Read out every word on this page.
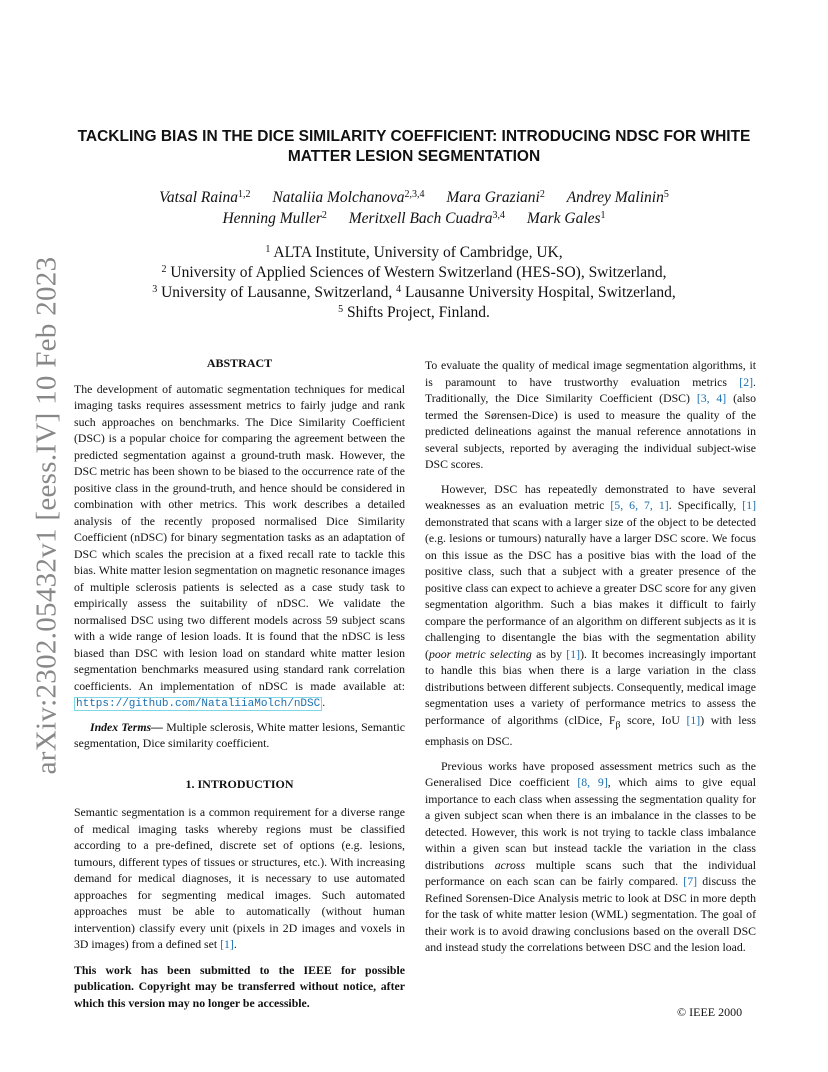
arXiv:2302.05432v1 [eess.IV] 10 Feb 2023
TACKLING BIAS IN THE DICE SIMILARITY COEFFICIENT: INTRODUCING NDSC FOR WHITE MATTER LESION SEGMENTATION
Vatsal Raina$^{1,2}$ Nataliia Molchanova$^{2,3,4}$ Mara Graziani$^2$ Andrey Malinin$^5$
Henning Muller$^2$ Meritxell Bach Cuadra$^{3,4}$ Mark Gales$^1$
$^1$ ALTA Institute, University of Cambridge, UK,
$^2$ University of Applied Sciences of Western Switzerland (HES-SO), Switzerland,
$^3$ University of Lausanne, Switzerland, $^4$ Lausanne University Hospital, Switzerland,
$^5$ Shifts Project, Finland.
ABSTRACT

The development of automatic segmentation techniques for medical imaging tasks requires assessment metrics to fairly judge and rank such approaches on benchmarks. The Dice Similarity Coefficient (DSC) is a popular choice for comparing the agreement between the predicted segmentation against a ground-truth mask. However, the DSC metric has been shown to be biased to the occurrence rate of the positive class in the ground-truth, and hence should be considered in combination with other metrics. This work describes a detailed analysis of the recently proposed normalised Dice Similarity Coefficient (nDSC) for binary segmentation tasks as an adaptation of DSC which scales the precision at a fixed recall rate to tackle this bias. White matter lesion segmentation on magnetic resonance images of multiple sclerosis patients is selected as a case study task to empirically assess the suitability of nDSC. We validate the normalised DSC using two different models across 59 subject scans with a wide range of lesion loads. It is found that the nDSC is less biased than DSC with lesion load on standard white matter lesion segmentation benchmarks measured using standard rank correlation coefficients. An implementation of nDSC is made available at: https://github.com/NataliiaMolch/nDSC .

Index Terms— Multiple sclerosis, White matter lesions, Semantic segmentation, Dice similarity coefficient.

1. INTRODUCTION

Semantic segmentation is a common requirement for a diverse range of medical imaging tasks whereby regions must be classified according to a pre-defined, discrete set of options (e.g. lesions, tumours, different types of tissues or structures, etc.). With increasing demand for medical diagnoses, it is necessary to use automated approaches for segmenting medical images. Such automated approaches must be able to automatically (without human intervention) classify every unit (pixels in 2D images and voxels in 3D images) from a defined set [1].

This work has been submitted to the IEEE for possible publication. Copyright may be transferred without notice, after which this version may no longer be accessible.

To evaluate the quality of medical image segmentation algorithms, it is paramount to have trustworthy evaluation metrics [2]. Traditionally, the Dice Similarity Coefficient (DSC) [3, 4] (also termed the Sørensen-Dice) is used to measure the quality of the predicted delineations against the manual reference annotations in several subjects, reported by averaging the individual subject-wise DSC scores.

However, DSC has repeatedly demonstrated to have several weaknesses as an evaluation metric [5, 6, 7, 1]. Specifically, [1] demonstrated that scans with a larger size of the object to be detected (e.g. lesions or tumours) naturally have a larger DSC score. We focus on this issue as the DSC has a positive bias with the load of the positive class, such that a subject with a greater presence of the positive class can expect to achieve a greater DSC score for any given segmentation algorithm. Such a bias makes it difficult to fairly compare the performance of an algorithm on different subjects as it is challenging to disentangle the bias with the segmentation ability (poor metric selecting as by [1]). It becomes increasingly important to handle this bias when there is a large variation in the class distributions between different subjects. Consequently, medical image segmentation uses a variety of performance metrics to assess the performance of algorithms (clDice, $F_\beta$ score, IoU [1]) with less emphasis on DSC.

Previous works have proposed assessment metrics such as the Generalised Dice coefficient [8, 9], which aims to give equal importance to each class when assessing the segmentation quality for a given subject scan when there is an imbalance in the classes to be detected. However, this work is not trying to tackle class imbalance within a given scan but instead tackle the variation in the class distributions across multiple scans such that the individual performance on each scan can be fairly compared. [7] discuss the Refined Sorensen-Dice Analysis metric to look at DSC in more depth for the task of white matter lesion (WML) segmentation. The goal of their work is to avoid drawing conclusions based on the overall DSC and instead study the correlations between DSC and the lesion load.

© IEEE 2000
